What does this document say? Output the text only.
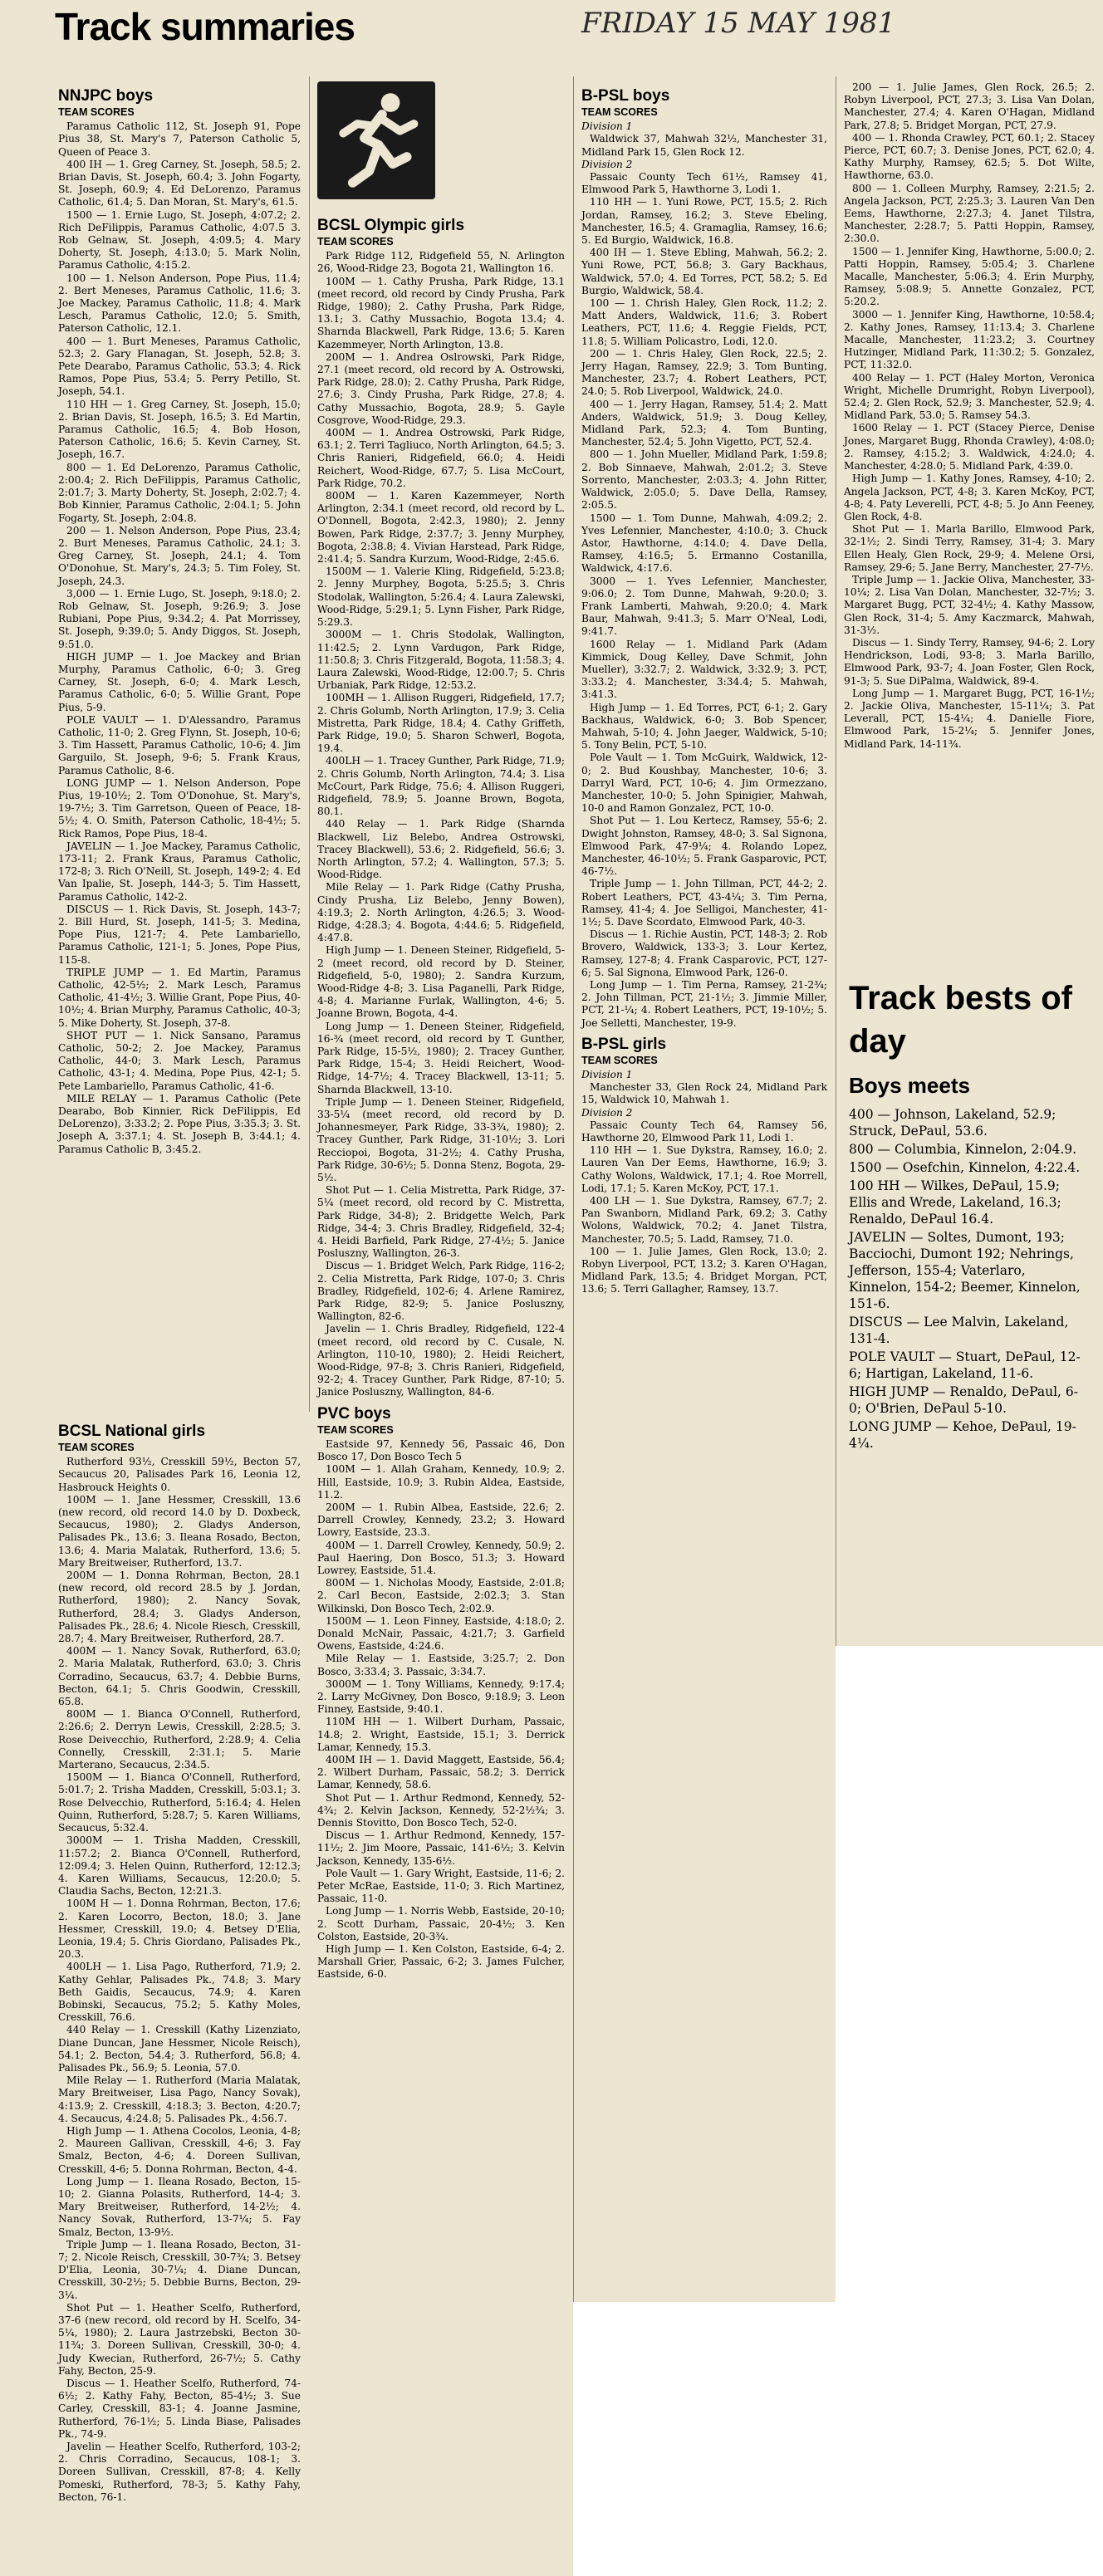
Track summaries	FRIDAY 15 MAY 1981

NNJPC boys

TEAM SCORES

Paramus Catholic 112, St. Joseph 91, Pope Pius 38, St. Mary's 7, Paterson Catholic 5, Queen of Peace 3.

400 IH — 1. Greg Carney, St. Joseph, 58.5; 2. Brian Davis, St. Joseph, 60.4; 3. John Fogarty, St. Joseph, 60.9; 4. Ed DeLorenzo, Paramus Catholic, 61.4; 5. Dan Moran, St. Mary's, 61.5.

1500 — 1. Ernie Lugo, St. Joseph, 4:07.2; 2. Rich DeFilippis, Paramus Catholic, 4:07.5 3. Rob Gelnaw, St. Joseph, 4:09.5; 4. Mary Doherty, St. Joseph, 4:13.0; 5. Mark Nolin, Paramus Catholic, 4:15.2.

100 — 1. Nelson Anderson, Pope Pius, 11.4; 2. Bert Meneses, Paramus Catholic, 11.6; 3. Joe Mackey, Paramus Catholic, 11.8; 4. Mark Lesch, Paramus Catholic, 12.0; 5. Smith, Paterson Catholic, 12.1.

400 — 1. Burt Meneses, Paramus Catholic, 52.3; 2. Gary Flanagan, St. Joseph, 52.8; 3. Pete Dearabo, Paramus Catholic, 53.3; 4. Rick Ramos, Pope Pius, 53.4; 5. Perry Petillo, St. Joseph, 54.1.

110 HH — 1. Greg Carney, St. Joseph, 15.0; 2. Brian Davis, St. Joseph, 16.5; 3. Ed Martin, Paramus Catholic, 16.5; 4. Bob Hoson, Paterson Catholic, 16.6; 5. Kevin Carney, St. Joseph, 16.7.

800 — 1. Ed DeLorenzo, Paramus Catholic, 2:00.4; 2. Rich DeFilippis, Paramus Catholic, 2:01.7; 3. Marty Doherty, St. Joseph, 2:02.7; 4. Bob Kinnier, Paramus Catholic, 2:04.1; 5. John Fogarty, St. Joseph, 2:04.8.

200 — 1. Nelson Anderson, Pope Pius, 23.4; 2. Burt Meneses, Paramus Catholic, 24.1; 3. Greg Carney, St. Joseph, 24.1; 4. Tom O'Donohue, St. Mary's, 24.3; 5. Tim Foley, St. Joseph, 24.3.

3,000 — 1. Ernie Lugo, St. Joseph, 9:18.0; 2. Rob Gelnaw, St. Joseph, 9:26.9; 3. Jose Rubiani, Pope Pius, 9:34.2; 4. Pat Morrissey, St. Joseph, 9:39.0; 5. Andy Diggos, St. Joseph, 9:51.0.

HIGH JUMP — 1. Joe Mackey and Brian Murphy, Paramus Catholic, 6-0; 3. Greg Carney, St. Joseph, 6-0; 4. Mark Lesch, Paramus Catholic, 6-0; 5. Willie Grant, Pope Pius, 5-9.

POLE VAULT — 1. D'Alessandro, Paramus Catholic, 11-0; 2. Greg Flynn, St. Joseph, 10-6; 3. Tim Hassett, Paramus Catholic, 10-6; 4. Jim Garguilo, St. Joseph, 9-6; 5. Frank Kraus, Paramus Catholic, 8-6.

LONG JUMP — 1. Nelson Anderson, Pope Pius, 19-10½; 2. Tom O'Donohue, St. Mary's, 19-7½; 3. Tim Garretson, Queen of Peace, 18-5½; 4. O. Smith, Paterson Catholic, 18-4½; 5. Rick Ramos, Pope Pius, 18-4.

JAVELIN — 1. Joe Mackey, Paramus Catholic, 173-11; 2. Frank Kraus, Paramus Catholic, 172-8; 3. Rich O'Neill, St. Joseph, 149-2; 4. Ed Van Ipalie, St. Joseph, 144-3; 5. Tim Hassett, Paramus Catholic, 142-2.

DISCUS — 1. Rick Davis, St. Joseph, 143-7; 2. Bill Hurd, St. Joseph, 141-5; 3. Medina, Pope Pius, 121-7; 4. Pete Lambariello, Paramus Catholic, 121-1; 5. Jones, Pope Pius, 115-8.

TRIPLE JUMP — 1. Ed Martin, Paramus Catholic, 42-5½; 2. Mark Lesch, Paramus Catholic, 41-4½; 3. Willie Grant, Pope Pius, 40-10½; 4. Brian Murphy, Paramus Catholic, 40-3; 5. Mike Doherty, St. Joseph, 37-8.

SHOT PUT — 1. Nick Sansano, Paramus Catholic, 50-2; 2. Joe Mackey, Paramus Catholic, 44-0; 3. Mark Lesch, Paramus Catholic, 43-1; 4. Medina, Pope Pius, 42-1; 5. Pete Lambariello, Paramus Catholic, 41-6.

MILE RELAY — 1. Paramus Catholic (Pete Dearabo, Bob Kinnier, Rick DeFilippis, Ed DeLorenzo), 3:33.2; 2. Pope Pius, 3:35.3; 3. St. Joseph A, 3:37.1; 4. St. Joseph B, 3:44.1; 4. Paramus Catholic B, 3:45.2.

BCSL National girls

TEAM SCORES

Rutherford 93½, Cresskill 59½, Becton 57, Secaucus 20, Palisades Park 16, Leonia 12, Hasbrouck Heights 0.

100M — 1. Jane Hessmer, Cresskill, 13.6 (new record, old record 14.0 by D. Doxbeck, Secaucus, 1980); 2. Gladys Anderson, Palisades Pk., 13.6; 3. Ileana Rosado, Becton, 13.6; 4. Maria Malatak, Rutherford, 13.6; 5. Mary Breitweiser, Rutherford, 13.7.

200M — 1. Donna Rohrman, Becton, 28.1 (new record, old record 28.5 by J. Jordan, Rutherford, 1980); 2. Nancy Sovak, Rutherford, 28.4; 3. Gladys Anderson, Palisades Pk., 28.6; 4. Nicole Riesch, Cresskill, 28.7; 4. Mary Breitweiser, Rutherford, 28.7.

400M — 1. Nancy Sovak, Rutherford, 63.0; 2. Maria Malatak, Rutherford, 63.0; 3. Chris Corradino, Secaucus, 63.7; 4. Debbie Burns, Becton, 64.1; 5. Chris Goodwin, Cresskill, 65.8.

800M — 1. Bianca O'Connell, Rutherford, 2:26.6; 2. Derryn Lewis, Cresskill, 2:28.5; 3. Rose Deivecchio, Rutherford, 2:28.9; 4. Celia Connelly, Cresskill, 2:31.1; 5. Marie Marterano, Secaucus, 2:34.5.

1500M — 1. Bianca O'Connell, Rutherford, 5:01.7; 2. Trisha Madden, Cresskill, 5:03.1; 3. Rose Delvecchio, Rutherford, 5:16.4; 4. Helen Quinn, Rutherford, 5:28.7; 5. Karen Williams, Secaucus, 5:32.4.

3000M — 1. Trisha Madden, Cresskill, 11:57.2; 2. Bianca O'Connell, Rutherford, 12:09.4; 3. Helen Quinn, Rutherford, 12:12.3; 4. Karen Williams, Secaucus, 12:20.0; 5. Claudia Sachs, Becton, 12:21.3.

100M H — 1. Donna Rohrman, Becton, 17.6; 2. Karen Locorro, Becton, 18.0; 3. Jane Hessmer, Cresskill, 19.0; 4. Betsey D'Elia, Leonia, 19.4; 5. Chris Giordano, Palisades Pk., 20.3.

400LH — 1. Lisa Pago, Rutherford, 71.9; 2. Kathy Gehlar, Palisades Pk., 74.8; 3. Mary Beth Gaidis, Secaucus, 74.9; 4. Karen Bobinski, Secaucus, 75.2; 5. Kathy Moles, Cresskill, 76.6.

440 Relay — 1. Cresskill (Kathy Lizenziato, Diane Duncan, Jane Hessmer, Nicole Reisch), 54.1; 2. Becton, 54.4; 3. Rutherford, 56.8; 4. Palisades Pk., 56.9; 5. Leonia, 57.0.

Mile Relay — 1. Rutherford (Maria Malatak, Mary Breitweiser, Lisa Pago, Nancy Sovak), 4:13.9; 2. Cresskill, 4:18.3; 3. Becton, 4:20.7; 4. Secaucus, 4:24.8; 5. Palisades Pk., 4:56.7.

High Jump — 1. Athena Cocolos, Leonia, 4-8; 2. Maureen Gallivan, Cresskill, 4-6; 3. Fay Smalz, Becton, 4-6; 4. Doreen Sullivan, Cresskill, 4-6; 5. Donna Rohrman, Becton, 4-4.

Long Jump — 1. Ileana Rosado, Becton, 15-10; 2. Gianna Polasits, Rutherford, 14-4; 3. Mary Breitweiser, Rutherford, 14-2½; 4. Nancy Sovak, Rutherford, 13-7¼; 5. Fay Smalz, Becton, 13-9½.

Triple Jump — 1. Ileana Rosado, Becton, 31-7; 2. Nicole Reisch, Cresskill, 30-7¾; 3. Betsey D'Elia, Leonia, 30-7¼; 4. Diane Duncan, Cresskill, 30-2½; 5. Debbie Burns, Becton, 29-3¼.

Shot Put — 1. Heather Scelfo, Rutherford, 37-6 (new record, old record by H. Scelfo, 34-5¼, 1980); 2. Laura Jastrzebski, Becton 30-11¾; 3. Doreen Sullivan, Cresskill, 30-0; 4. Judy Kwecian, Rutherford, 26-7½; 5. Cathy Fahy, Becton, 25-9.

Discus — 1. Heather Scelfo, Rutherford, 74-6½; 2. Kathy Fahy, Becton, 85-4½; 3. Sue Carley, Cresskill, 83-1; 4. Joanne Jasmine, Rutherford, 76-1½; 5. Linda Biase, Palisades Pk., 74-9.

Javelin — Heather Scelfo, Rutherford, 103-2; 2. Chris Corradino, Secaucus, 108-1; 3. Doreen Sullivan, Cresskill, 87-8; 4. Kelly Pomeski, Rutherford, 78-3; 5. Kathy Fahy, Becton, 76-1.

BCSL Olympic girls

TEAM SCORES

Park Ridge 112, Ridgefield 55, N. Arlington 26, Wood-Ridge 23, Bogota 21, Wallington 16.

100M — 1. Cathy Prusha, Park Ridge, 13.1 (meet record, old record by Cindy Prusha, Park Ridge, 1980); 2. Cathy Prusha, Park Ridge, 13.1; 3. Cathy Mussachio, Bogota 13.4; 4. Sharnda Blackwell, Park Ridge, 13.6; 5. Karen Kazemmeyer, North Arlington, 13.8.

200M — 1. Andrea Oslrowski, Park Ridge, 27.1 (meet record, old record by A. Ostrowski, Park Ridge, 28.0); 2. Cathy Prusha, Park Ridge, 27.6; 3. Cindy Prusha, Park Ridge, 27.8; 4. Cathy Mussachio, Bogota, 28.9; 5. Gayle Cosgrove, Wood-Ridge, 29.3.

400M — 1. Andrea Ostrowski, Park Ridge, 63.1; 2. Terri Tagliuco, North Arlington, 64.5; 3. Chris Ranieri, Ridgefield, 66.0; 4. Heidi Reichert, Wood-Ridge, 67.7; 5. Lisa McCourt, Park Ridge, 70.2.

800M — 1. Karen Kazemmeyer, North Arlington, 2:34.1 (meet record, old record by L. O'Donnell, Bogota, 2:42.3, 1980); 2. Jenny Bowen, Park Ridge, 2:37.7; 3. Jenny Murphey, Bogota, 2:38.8; 4. Vivian Harstead, Park Ridge, 2:41.4; 5. Sandra Kurzum, Wood-Ridge, 2:45.6.

1500M — 1. Valerie Kling, Ridgefield, 5:23.8; 2. Jenny Murphey, Bogota, 5:25.5; 3. Chris Stodolak, Wallington, 5:26.4; 4. Laura Zalewski, Wood-Ridge, 5:29.1; 5. Lynn Fisher, Park Ridge, 5:29.3.

3000M — 1. Chris Stodolak, Wallington, 11:42.5; 2. Lynn Vardugon, Park Ridge, 11:50.8; 3. Chris Fitzgerald, Bogota, 11:58.3; 4. Laura Zalewski, Wood-Ridge, 12:00.7; 5. Chris Urbaniak, Park Ridge, 12:53.2.

100MH — 1. Allison Ruggeri, Ridgefield, 17.7; 2. Chris Golumb, North Arlington, 17.9; 3. Celia Mistretta, Park Ridge, 18.4; 4. Cathy Griffeth, Park Ridge, 19.0; 5. Sharon Schwerl, Bogota, 19.4.

400LH — 1. Tracey Gunther, Park Ridge, 71.9; 2. Chris Golumb, North Arlington, 74.4; 3. Lisa McCourt, Park Ridge, 75.6; 4. Allison Ruggeri, Ridgefield, 78.9; 5. Joanne Brown, Bogota, 80.1.

440 Relay — 1. Park Ridge (Sharnda Blackwell, Liz Belebo, Andrea Ostrowski, Tracey Blackwell), 53.6; 2. Ridgefield, 56.6; 3. North Arlington, 57.2; 4. Wallington, 57.3; 5. Wood-Ridge.

Mile Relay — 1. Park Ridge (Cathy Prusha, Cindy Prusha, Liz Belebo, Jenny Bowen), 4:19.3; 2. North Arlington, 4:26.5; 3. Wood-Ridge, 4:28.3; 4. Bogota, 4:44.6; 5. Ridgefield, 4:47.8.

High Jump — 1. Deneen Steiner, Ridgefield, 5-2 (meet record, old record by D. Steiner, Ridgefield, 5-0, 1980); 2. Sandra Kurzum, Wood-Ridge 4-8; 3. Lisa Paganelli, Park Ridge, 4-8; 4. Marianne Furlak, Wallington, 4-6; 5. Joanne Brown, Bogota, 4-4.

Long Jump — 1. Deneen Steiner, Ridgefield, 16-¾ (meet record, old record by T. Gunther, Park Ridge, 15-5½, 1980); 2. Tracey Gunther, Park Ridge, 15-4; 3. Heidi Reichert, Wood-Ridge, 14-7½; 4. Tracey Blackwell, 13-11; 5. Sharnda Blackwell, 13-10.

Triple Jump — 1. Deneen Steiner, Ridgefield, 33-5¼ (meet record, old record by D. Johannesmeyer, Park Ridge, 33-3¾, 1980); 2. Tracey Gunther, Park Ridge, 31-10½; 3. Lori Recciopoi, Bogota, 31-2½; 4. Cathy Prusha, Park Ridge, 30-6½; 5. Donna Stenz, Bogota, 29-5½.

Shot Put — 1. Celia Mistretta, Park Ridge, 37-5¼ (meet record, old record by C. Mistretta, Park Ridge, 34-8); 2. Bridgette Welch, Park Ridge, 34-4; 3. Chris Bradley, Ridgefield, 32-4; 4. Heidi Barfield, Park Ridge, 27-4½; 5. Janice Posluszny, Wallington, 26-3.

Discus — 1. Bridget Welch, Park Ridge, 116-2; 2. Celia Mistretta, Park Ridge, 107-0; 3. Chris Bradley, Ridgefield, 102-6; 4. Arlene Ramirez, Park Ridge, 82-9; 5. Janice Posluszny, Wallington, 82-6.

Javelin — 1. Chris Bradley, Ridgefield, 122-4 (meet record, old record by C. Cusale, N. Arlington, 110-10, 1980); 2. Heidi Reichert, Wood-Ridge, 97-8; 3. Chris Ranieri, Ridgefield, 92-2; 4. Tracey Gunther, Park Ridge, 87-10; 5. Janice Posluszny, Wallington, 84-6.

PVC boys

TEAM SCORES

Eastside 97, Kennedy 56, Passaic 46, Don Bosco 17, Don Bosco Tech 5

100M — 1. Allah Graham, Kennedy, 10.9; 2. Hill, Eastside, 10.9; 3. Rubin Aldea, Eastside, 11.2.

200M — 1. Rubin Albea, Eastside, 22.6; 2. Darrell Crowley, Kennedy, 23.2; 3. Howard Lowry, Eastside, 23.3.

400M — 1. Darrell Crowley, Kennedy, 50.9; 2. Paul Haering, Don Bosco, 51.3; 3. Howard Lowrey, Eastside, 51.4.

800M — 1. Nicholas Moody, Eastside, 2:01.8; 2. Carl Becon, Eastside, 2:02.3; 3. Stan Wilkinski, Don Bosco Tech, 2:02.9.

1500M — 1. Leon Finney, Eastside, 4:18.0; 2. Donald McNair, Passaic, 4:21.7; 3. Garfield Owens, Eastside, 4:24.6.

Mile Relay — 1. Eastside, 3:25.7; 2. Don Bosco, 3:33.4; 3. Passaic, 3:34.7.

3000M — 1. Tony Williams, Kennedy, 9:17.4; 2. Larry McGivney, Don Bosco, 9:18.9; 3. Leon Finney, Eastside, 9:40.1.

110M HH — 1. Wilbert Durham, Passaic, 14.8; 2. Wright, Eastside, 15.1; 3. Derrick Lamar, Kennedy, 15.3.

400M IH — 1. David Maggett, Eastside, 56.4; 2. Wilbert Durham, Passaic, 58.2; 3. Derrick Lamar, Kennedy, 58.6.

Shot Put — 1. Arthur Redmond, Kennedy, 52-4¾; 2. Kelvin Jackson, Kennedy, 52-2½¾; 3. Dennis Stovitto, Don Bosco Tech, 52-0.

Discus — 1. Arthur Redmond, Kennedy, 157-11½; 2. Jim Moore, Passaic, 141-6½; 3. Kelvin Jackson, Kennedy, 135-6½.

Pole Vault — 1. Gary Wright, Eastside, 11-6; 2. Peter McRae, Eastside, 11-0; 3. Rich Martinez, Passaic, 11-0.

Long Jump — 1. Norris Webb, Eastside, 20-10; 2. Scott Durham, Passaic, 20-4½; 3. Ken Colston, Eastside, 20-3¾.

High Jump — 1. Ken Colston, Eastside, 6-4; 2. Marshall Grier, Passaic, 6-2; 3. James Fulcher, Eastside, 6-0.

B-PSL boys

TEAM SCORES

Division 1

Waldwick 37, Mahwah 32½, Manchester 31, Midland Park 15, Glen Rock 12.

Division 2

Passaic County Tech 61½, Ramsey 41, Elmwood Park 5, Hawthorne 3, Lodi 1.

110 HH — 1. Yuni Rowe, PCT, 15.5; 2. Rich Jordan, Ramsey, 16.2; 3. Steve Ebeling, Manchester, 16.5; 4. Gramaglia, Ramsey, 16.6; 5. Ed Burgio, Waldwick, 16.8.

400 IH — 1. Steve Ebling, Mahwah, 56.2; 2. Yuni Rowe, PCT, 56.8; 3. Gary Backhaus, Waldwick, 57.0; 4. Ed Torres, PCT, 58.2; 5. Ed Burgio, Waldwick, 58.4.

100 — 1. Chrish Haley, Glen Rock, 11.2; 2. Matt Anders, Waldwick, 11.6; 3. Robert Leathers, PCT, 11.6; 4. Reggie Fields, PCT, 11.8; 5. William Policastro, Lodi, 12.0.

200 — 1. Chris Haley, Glen Rock, 22.5; 2. Jerry Hagan, Ramsey, 22.9; 3. Tom Bunting, Manchester, 23.7; 4. Robert Leathers, PCT, 24.0; 5. Rob Liverpool, Waldwick, 24.0.

400 — 1. Jerry Hagan, Ramsey, 51.4; 2. Matt Anders, Waldwick, 51.9; 3. Doug Kelley, Midland Park, 52.3; 4. Tom Bunting, Manchester, 52.4; 5. John Vigetto, PCT, 52.4.

800 — 1. John Mueller, Midland Park, 1:59.8; 2. Bob Sinnaeve, Mahwah, 2:01.2; 3. Steve Sorrento, Manchester, 2:03.3; 4. John Ritter, Waldwick, 2:05.0; 5. Dave Della, Ramsey, 2:05.5.

1500 — 1. Tom Dunne, Mahwah, 4:09.2; 2. Yves Lefennier, Manchester, 4:10.0; 3. Chuck Astor, Hawthorne, 4:14.0; 4. Dave Della, Ramsey, 4:16.5; 5. Ermanno Costanilla, Waldwick, 4:17.6.

3000 — 1. Yves Lefennier, Manchester, 9:06.0; 2. Tom Dunne, Mahwah, 9:20.0; 3. Frank Lamberti, Mahwah, 9:20.0; 4. Mark Baur, Mahwah, 9:41.3; 5. Marr O'Neal, Lodi, 9:41.7.

1600 Relay — 1. Midland Park (Adam Kimmick, Doug Kelley, Dave Schmit, John Mueller), 3:32.7; 2. Waldwick, 3:32.9; 3. PCT, 3:33.2; 4. Manchester, 3:34.4; 5. Mahwah, 3:41.3.

High Jump — 1. Ed Torres, PCT, 6-1; 2. Gary Backhaus, Waldwick, 6-0; 3. Bob Spencer, Mahwah, 5-10; 4. John Jaeger, Waldwick, 5-10; 5. Tony Belin, PCT, 5-10.

Pole Vault — 1. Tom McGuirk, Waldwick, 12-0; 2. Bud Koushbay, Manchester, 10-6; 3. Darryl Ward, PCT, 10-6; 4. Jim Ormezzano, Manchester, 10-0; 5. John Spinigier, Mahwah, 10-0 and Ramon Gonzalez, PCT, 10-0.

Shot Put — 1. Lou Kertecz, Ramsey, 55-6; 2. Dwight Johnston, Ramsey, 48-0; 3. Sal Signona, Elmwood Park, 47-9¼; 4. Rolando Lopez, Manchester, 46-10½; 5. Frank Gasparovic, PCT, 46-7½.

Triple Jump — 1. John Tillman, PCT, 44-2; 2. Robert Leathers, PCT, 43-4¼; 3. Tim Perna, Ramsey, 41-4; 4. Joe Selligoi, Manchester, 41-1½; 5. Dave Scordato, Elmwood Park, 40-3.

Discus — 1. Richie Austin, PCT, 148-3; 2. Rob Brovero, Waldwick, 133-3; 3. Lour Kertez, Ramsey, 127-8; 4. Frank Casparovic, PCT, 127-6; 5. Sal Signona, Elmwood Park, 126-0.

Long Jump — 1. Tim Perna, Ramsey, 21-2¾; 2. John Tillman, PCT, 21-1½; 3. Jimmie Miller, PCT, 21-¼; 4. Robert Leathers, PCT, 19-10½; 5. Joe Selletti, Manchester, 19-9.

B-PSL girls

TEAM SCORES

Division 1

Manchester 33, Glen Rock 24, Midland Park 15, Waldwick 10, Mahwah 1.

Division 2

Passaic County Tech 64, Ramsey 56, Hawthorne 20, Elmwood Park 11, Lodi 1.

110 HH — 1. Sue Dykstra, Ramsey, 16.0; 2. Lauren Van Der Eems, Hawthorne, 16.9; 3. Cathy Wolons, Waldwick, 17.1; 4. Roe Morrell, Lodi, 17.1; 5. Karen McKoy, PCT, 17.1.

400 LH — 1. Sue Dykstra, Ramsey, 67.7; 2. Pan Swanborn, Midland Park, 69.2; 3. Cathy Wolons, Waldwick, 70.2; 4. Janet Tilstra, Manchester, 70.5; 5. Ladd, Ramsey, 71.0.

100 — 1. Julie James, Glen Rock, 13.0; 2. Robyn Liverpool, PCT, 13.2; 3. Karen O'Hagan, Midland Park, 13.5; 4. Bridget Morgan, PCT, 13.6; 5. Terri Gallagher, Ramsey, 13.7.

200 — 1. Julie James, Glen Rock, 26.5; 2. Robyn Liverpool, PCT, 27.3; 3. Lisa Van Dolan, Manchester, 27.4; 4. Karen O'Hagan, Midland Park, 27.8; 5. Bridget Morgan, PCT, 27.9.

400 — 1. Rhonda Crawley, PCT, 60.1; 2. Stacey Pierce, PCT, 60.7; 3. Denise Jones, PCT, 62.0; 4. Kathy Murphy, Ramsey, 62.5; 5. Dot Wilte, Hawthorne, 63.0.

800 — 1. Colleen Murphy, Ramsey, 2:21.5; 2. Angela Jackson, PCT, 2:25.3; 3. Lauren Van Den Eems, Hawthorne, 2:27.3; 4. Janet Tilstra, Manchester, 2:28.7; 5. Patti Hoppin, Ramsey, 2:30.0.

1500 — 1. Jennifer King, Hawthorne, 5:00.0; 2. Patti Hoppin, Ramsey, 5:05.4; 3. Charlene Macalle, Manchester, 5:06.3; 4. Erin Murphy, Ramsey, 5:08.9; 5. Annette Gonzalez, PCT, 5:20.2.

3000 — 1. Jennifer King, Hawthorne, 10:58.4; 2. Kathy Jones, Ramsey, 11:13.4; 3. Charlene Macalle, Manchester, 11:23.2; 3. Courtney Hutzinger, Midland Park, 11:30.2; 5. Gonzalez, PCT, 11:32.0.

400 Relay — 1. PCT (Haley Morton, Veronica Wright, Michelle Drumright, Robyn Liverpool), 52.4; 2. Glen Rock, 52.9; 3. Manchester, 52.9; 4. Midland Park, 53.0; 5. Ramsey 54.3.

1600 Relay — 1. PCT (Stacey Pierce, Denise Jones, Margaret Bugg, Rhonda Crawley), 4:08.0; 2. Ramsey, 4:15.2; 3. Waldwick, 4:24.0; 4. Manchester, 4:28.0; 5. Midland Park, 4:39.0.

High Jump — 1. Kathy Jones, Ramsey, 4-10; 2. Angela Jackson, PCT, 4-8; 3. Karen McKoy, PCT, 4-8; 4. Paty Leverelli, PCT, 4-8; 5. Jo Ann Feeney, Glen Rock, 4-8.

Shot Put — 1. Marla Barillo, Elmwood Park, 32-1½; 2. Sindi Terry, Ramsey, 31-4; 3. Mary Ellen Healy, Glen Rock, 29-9; 4. Melene Orsi, Ramsey, 29-6; 5. Jane Berry, Manchester, 27-7½.

Triple Jump — 1. Jackie Oliva, Manchester, 33-10¼; 2. Lisa Van Dolan, Manchester, 32-7½; 3. Margaret Bugg, PCT, 32-4½; 4. Kathy Massow, Glen Rock, 31-4; 5. Amy Kaczmarck, Mahwah, 31-3½.

Discus — 1. Sindy Terry, Ramsey, 94-6; 2. Lory Hendrickson, Lodi, 93-8; 3. Marla Barillo, Elmwood Park, 93-7; 4. Joan Foster, Glen Rock, 91-3; 5. Sue DiPalma, Waldwick, 89-4.

Long Jump — 1. Margaret Bugg, PCT, 16-1½; 2. Jackie Oliva, Manchester, 15-11¼; 3. Pat Leverall, PCT, 15-4¼; 4. Danielle Fiore, Elmwood Park, 15-2¼; 5. Jennifer Jones, Midland Park, 14-11¾.

Track bests of day
Boys meets

400 — Johnson, Lakeland, 52.9; Struck, DePaul, 53.6.

800 — Columbia, Kinnelon, 2:04.9.

1500 — Osefchin, Kinnelon, 4:22.4.

100 HH — Wilkes, DePaul, 15.9; Ellis and Wrede, Lakeland, 16.3; Renaldo, DePaul 16.4.

JAVELIN — Soltes, Dumont, 193; Bacciochi, Dumont 192; Nehrings, Jefferson, 155-4; Vaterlaro, Kinnelon, 154-2; Beemer, Kinnelon, 151-6.

DISCUS — Lee Malvin, Lakeland, 131-4.

POLE VAULT — Stuart, DePaul, 12-6; Hartigan, Lakeland, 11-6.

HIGH JUMP — Renaldo, DePaul, 6-0; O'Brien, DePaul 5-10.

LONG JUMP — Kehoe, DePaul, 19-4¼.
